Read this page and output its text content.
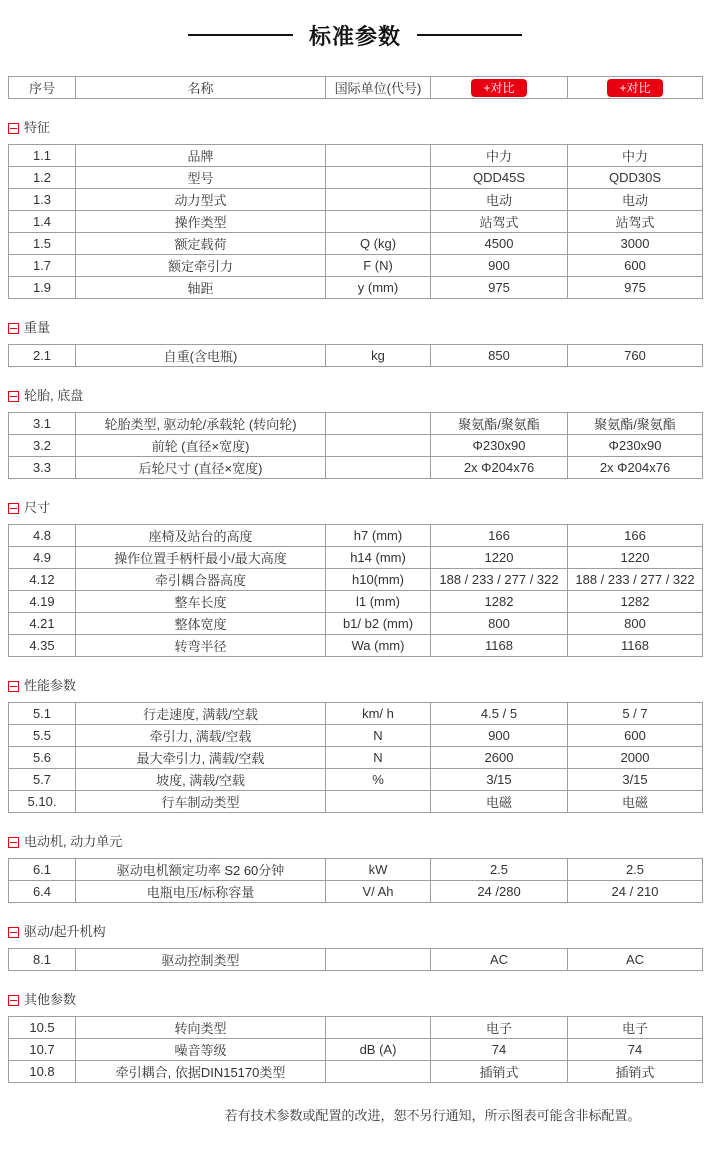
标准参数
序号	名称	国际单位(代号)	+对比	+对比
特征
1.1	品牌		中力	中力
1.2	型号		QDD45S	QDD30S
1.3	动力型式		电动	电动
1.4	操作类型		站驾式	站驾式
1.5	额定载荷	Q (kg)	4500	3000
1.7	额定牵引力	F (N)	900	600
1.9	轴距	y (mm)	975	975
重量
2.1	自重(含电瓶)	kg	850	760
轮胎, 底盘
3.1	轮胎类型, 驱动轮/承载轮 (转向轮)		聚氨酯/聚氨酯	聚氨酯/聚氨酯
3.2	前轮 (直径×宽度)		Φ230x90	Φ230x90
3.3	后轮尺寸 (直径×宽度)		2x Φ204x76	2x Φ204x76
尺寸
4.8	座椅及站台的高度	h7 (mm)	166	166
4.9	操作位置手柄杆最小/最大高度	h14 (mm)	1220	1220
4.12	牵引耦合器高度	h10(mm)	188 / 233 / 277 / 322	188 / 233 / 277 / 322
4.19	整车长度	l1 (mm)	1282	1282
4.21	整体宽度	b1/ b2 (mm)	800	800
4.35	转弯半径	Wa (mm)	1168	1168
性能参数
5.1	行走速度, 满载/空载	km/ h	4.5 / 5	5 / 7
5.5	牵引力, 满载/空载	N	900	600
5.6	最大牵引力, 满载/空载	N	2600	2000
5.7	坡度, 满载/空载	%	3/15	3/15
5.10.	行车制动类型		电磁	电磁
电动机, 动力单元
6.1	驱动电机额定功率 S2 60分钟	kW	2.5	2.5
6.4	电瓶电压/标称容量	V/ Ah	24 /280	24 / 210
驱动/起升机构
8.1	驱动控制类型		AC	AC
其他参数
10.5	转向类型		电子	电子
10.7	噪音等级	dB (A)	74	74
10.8	牵引耦合, 依据DIN15170类型		插销式	插销式
若有技术参数或配置的改进，恕不另行通知，所示图表可能含非标配置。
